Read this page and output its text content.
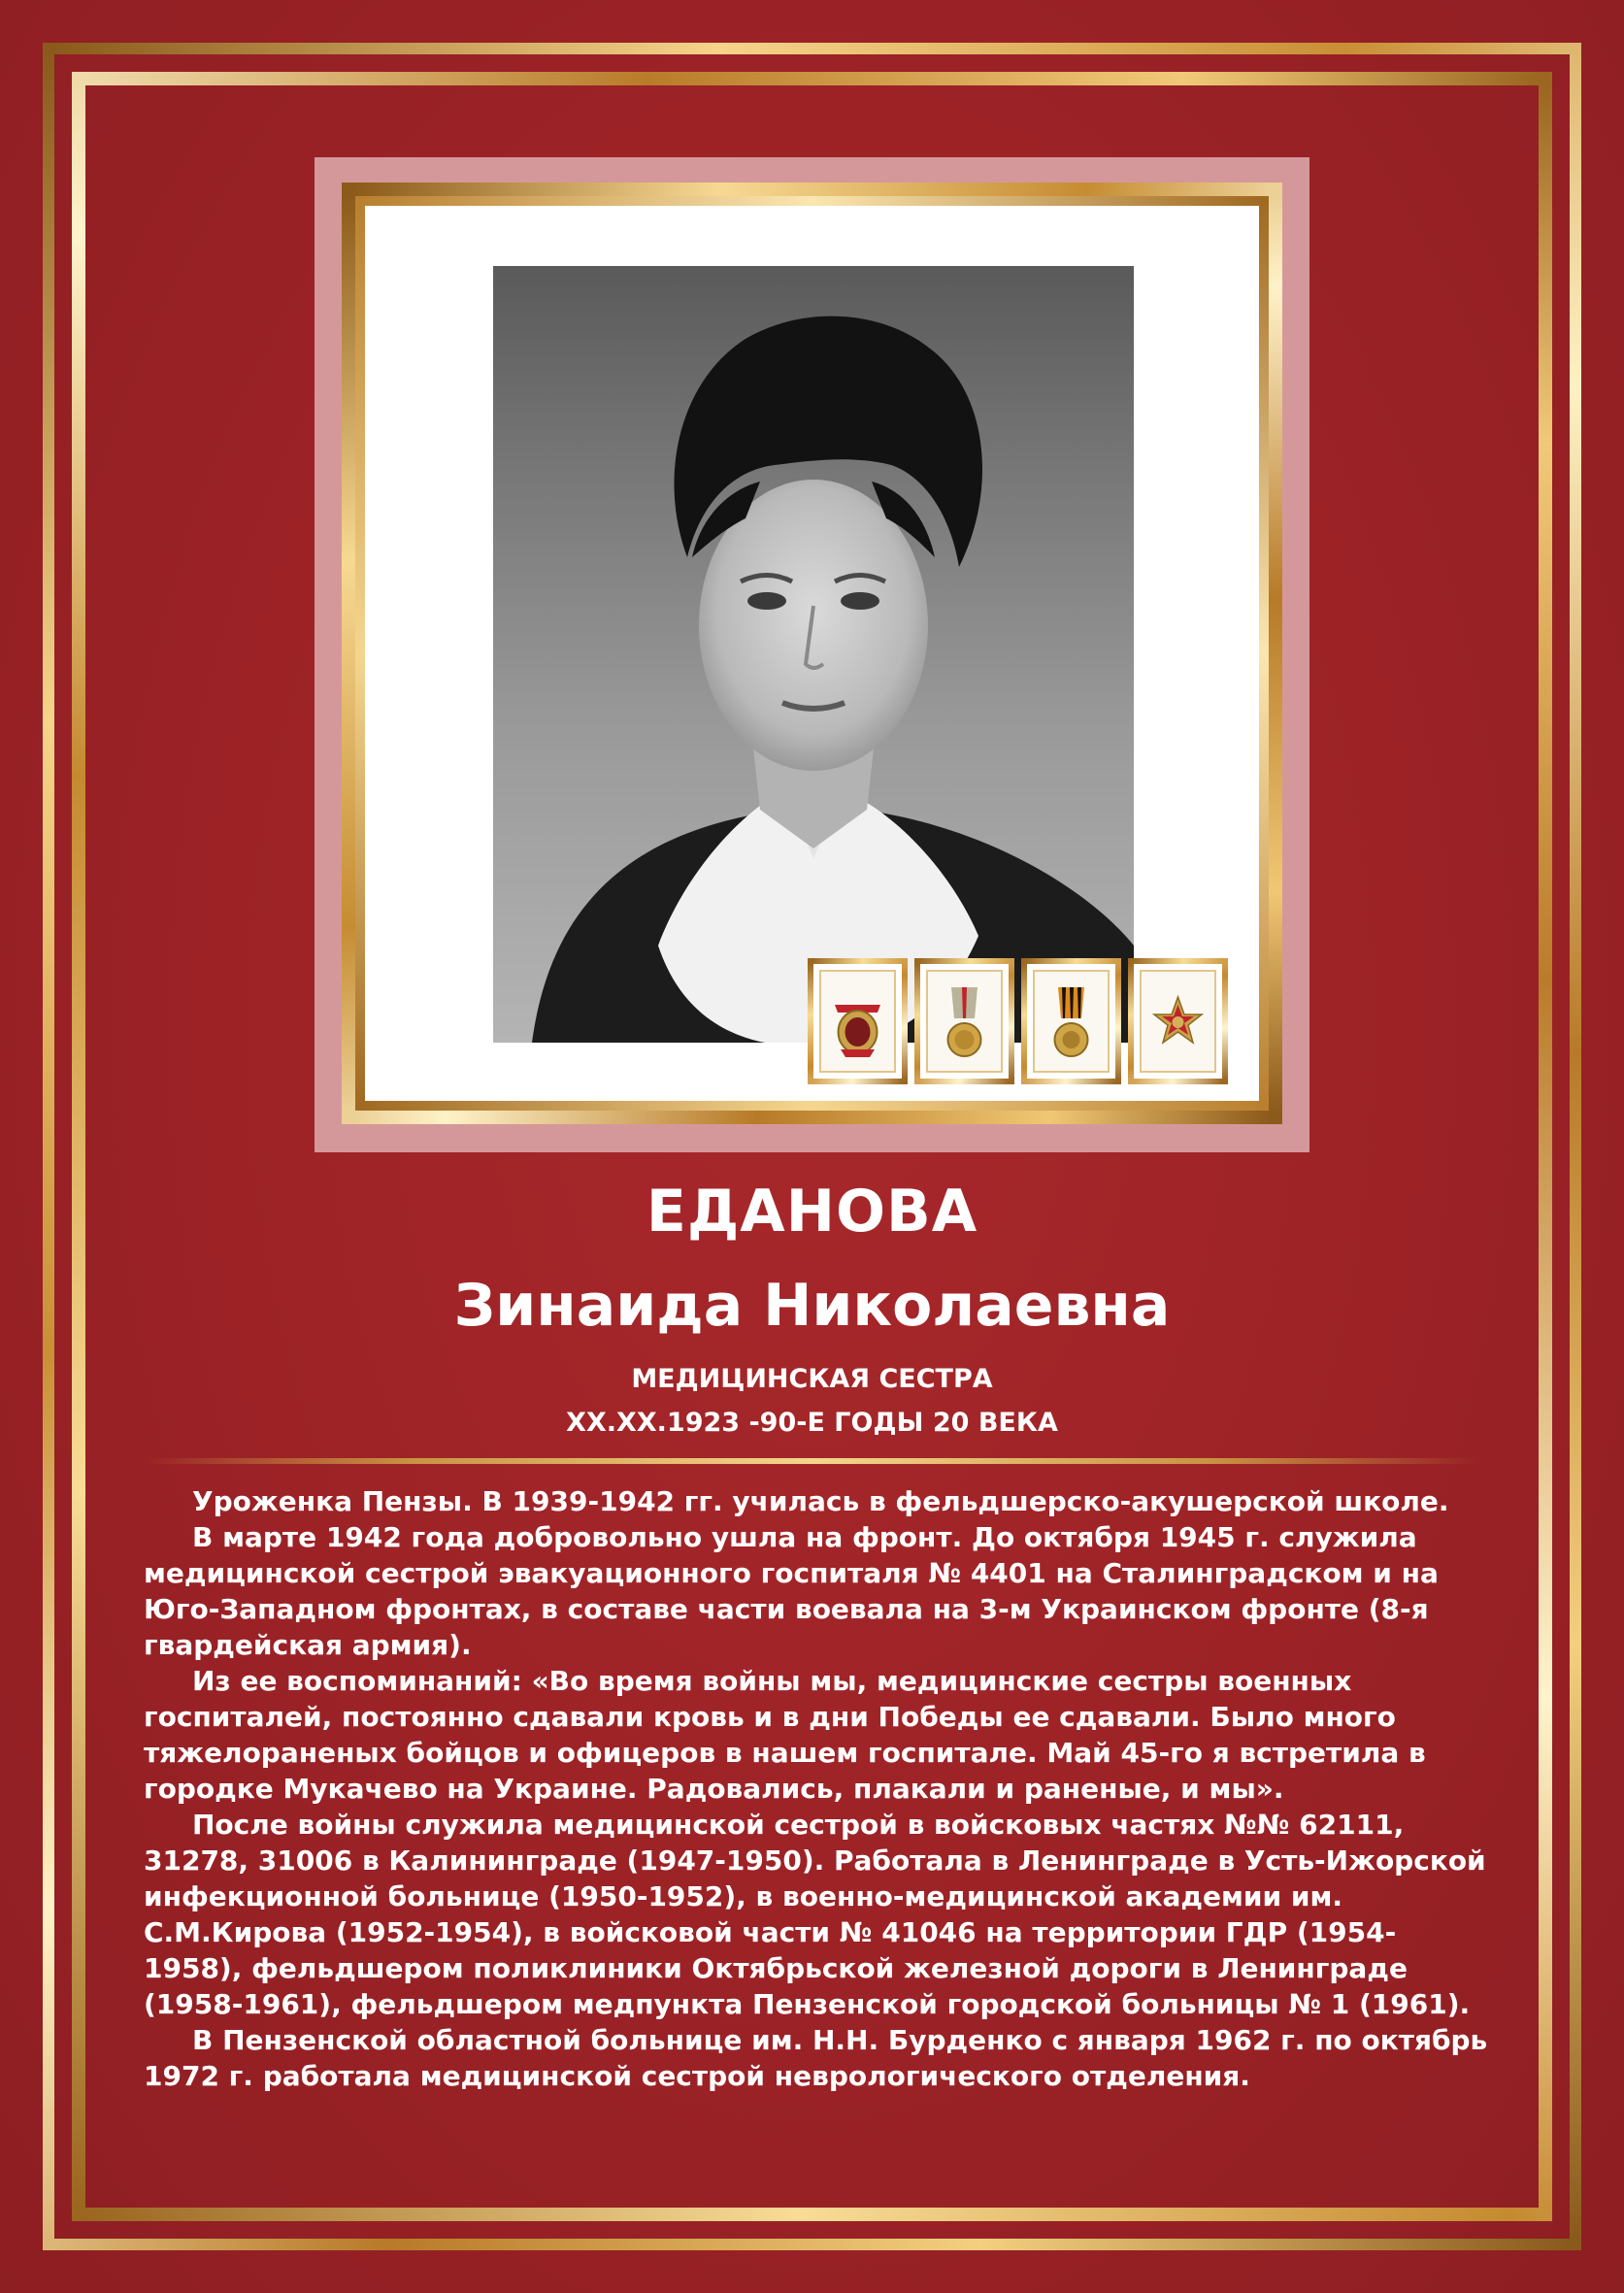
ЕДАНОВА
Зинаида Николаевна
МЕДИЦИНСКАЯ СЕСТРА
ХХ.ХХ.1923 -90-Е ГОДЫ 20 ВЕКА

Уроженка Пензы. В 1939-1942 гг. училась в фельдшерско-акушерской школе.

В марте 1942 года добровольно ушла на фронт. До октября 1945 г. служила медицинской сестрой эвакуационного госпиталя № 4401 на Сталинградском и на Юго-Западном фронтах, в составе части воевала на 3-м Украинском фронте (8-я гвардейская армия).

Из ее воспоминаний: «Во время войны мы, медицинские сестры военных госпиталей, постоянно сдавали кровь и в дни Победы ее сдавали. Было много тяжелораненых бойцов и офицеров в нашем госпитале. Май 45-го я встретила в городке Мукачево на Украине. Радовались, плакали и раненые, и мы».

После войны служила медицинской сестрой в войсковых частях №№ 62111, 31278, 31006 в Калининграде (1947-1950). Работала в Ленинграде в Усть-Ижорской инфекционной больнице (1950-1952), в военно-медицинской академии им. С.М.Кирова (1952-1954), в войсковой части № 41046 на территории ГДР (1954-1958), фельдшером поликлиники Октябрьской железной дороги в Ленинграде (1958-1961), фельдшером медпункта Пензенской городской больницы № 1 (1961).

В Пензенской областной больнице им. Н.Н. Бурденко с января 1962 г. по октябрь 1972 г. работала медицинской сестрой неврологического отделения.
